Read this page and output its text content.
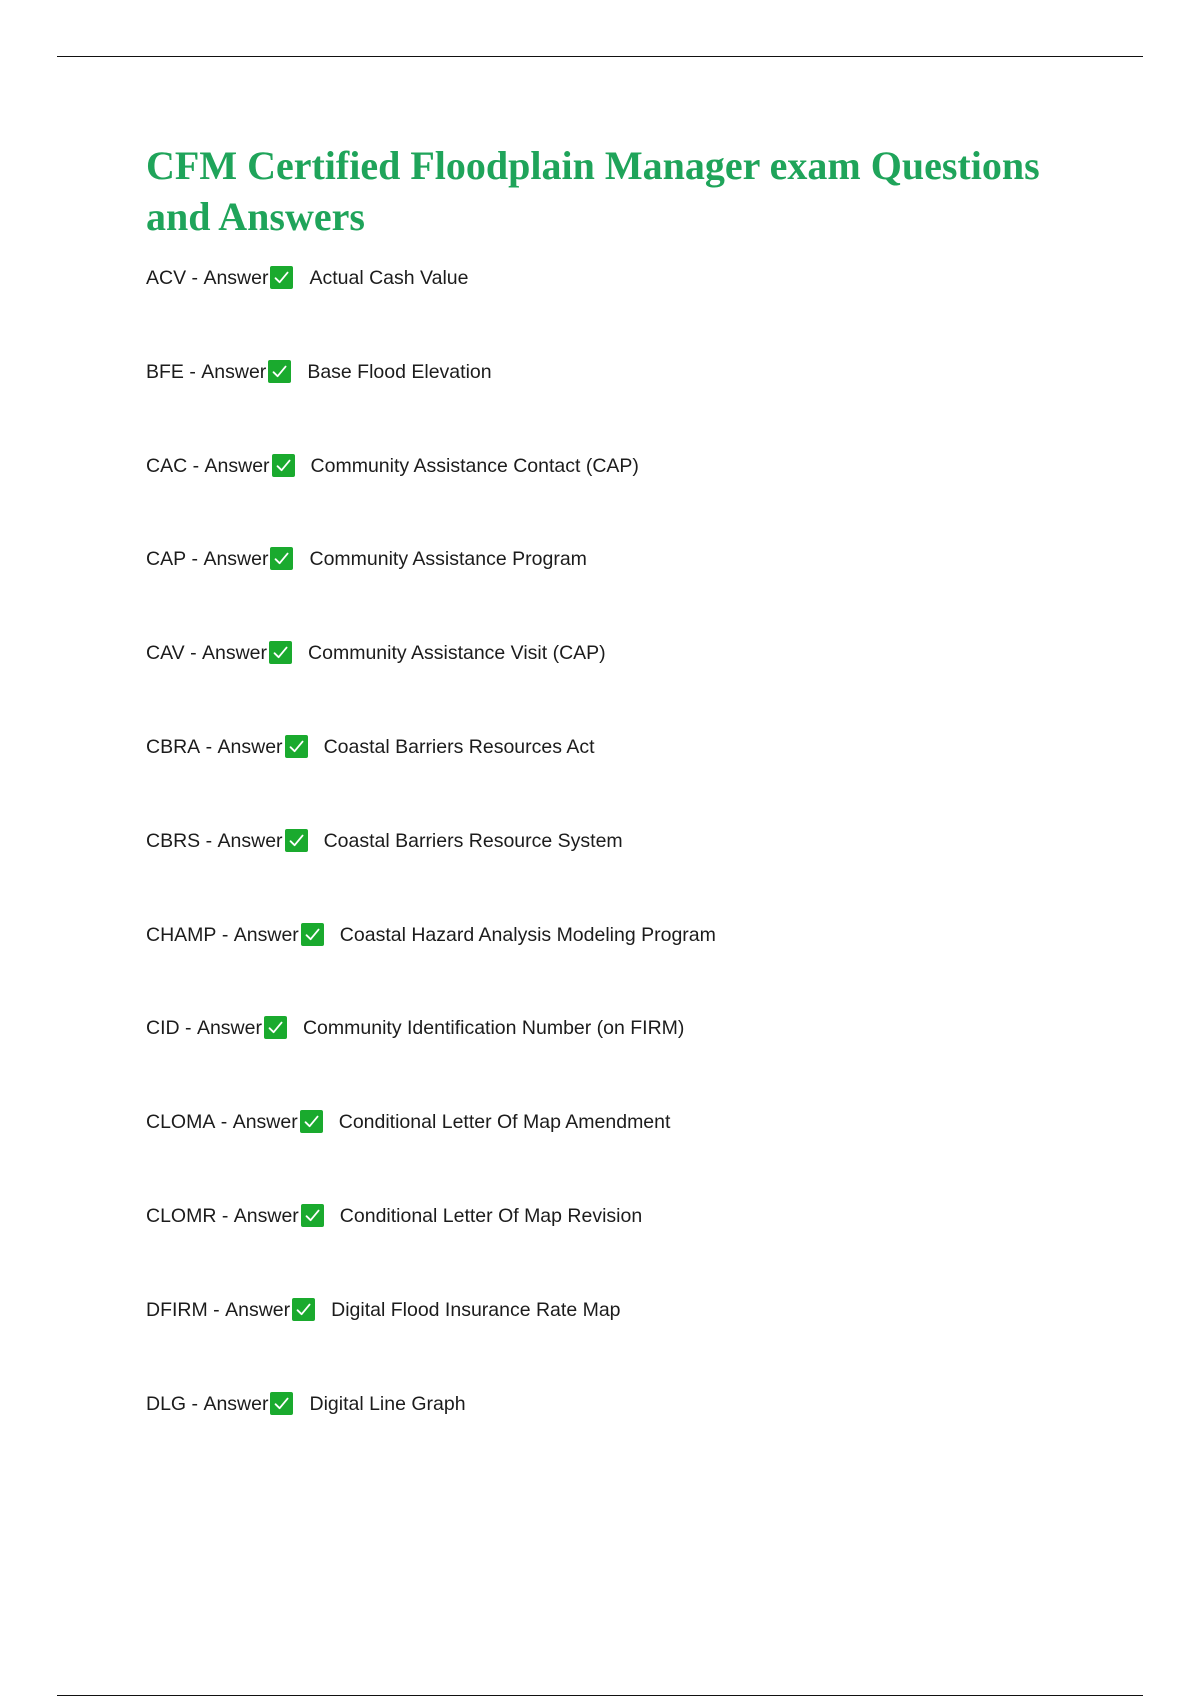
CFM Certified Floodplain Manager exam Questions and Answers
ACV - Answer Actual Cash Value
BFE - Answer Base Flood Elevation
CAC - Answer Community Assistance Contact (CAP)
CAP - Answer Community Assistance Program
CAV - Answer Community Assistance Visit (CAP)
CBRA - Answer Coastal Barriers Resources Act
CBRS - Answer Coastal Barriers Resource System
CHAMP - Answer Coastal Hazard Analysis Modeling Program
CID - Answer Community Identification Number (on FIRM)
CLOMA - Answer Conditional Letter Of Map Amendment
CLOMR - Answer Conditional Letter Of Map Revision
DFIRM - Answer Digital Flood Insurance Rate Map
DLG - Answer Digital Line Graph
